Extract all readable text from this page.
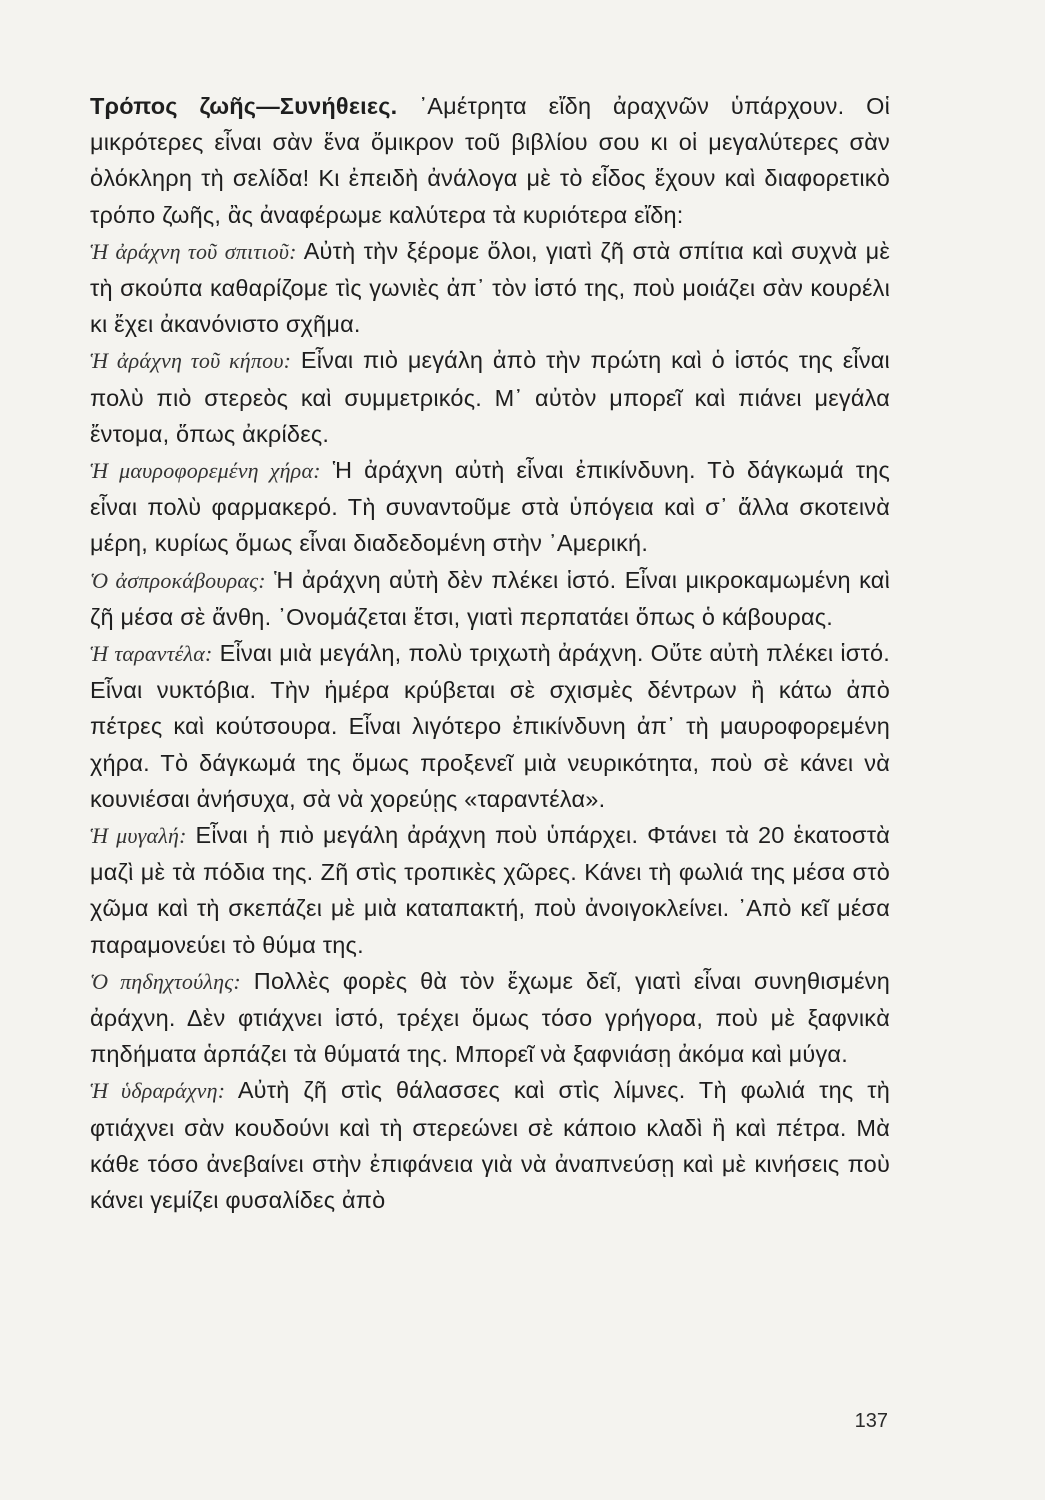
Τρόπος ζωῆς—Συνήθειες. ᾿Αμέτρητα εἴδη ἀραχνῶν ὑπάρχουν. Οἱ μικρότερες εἶναι σὰν ἕνα ὄμικρον τοῦ βιβλίου σου κι οἱ μεγαλύτερες σὰν ὁλόκληρη τὴ σελίδα! Κι ἐπειδὴ ἀνάλογα μὲ τὸ εἶδος ἔχουν καὶ διαφορετικὸ τρόπο ζωῆς, ἂς ἀναφέρωμε καλύτερα τὰ κυριότερα εἴδη:

Ἡ ἀράχνη τοῦ σπιτιοῦ: Αὐτὴ τὴν ξέρομε ὅλοι, γιατὶ ζῆ στὰ σπίτια καὶ συχνὰ μὲ τὴ σκούπα καθαρίζομε τὶς γωνιὲς ἀπ᾿ τὸν ἱστό της, ποὺ μοιάζει σὰν κουρέλι κι ἔχει ἀκανόνιστο σχῆμα.

Ἡ ἀράχνη τοῦ κήπου: Εἶναι πιὸ μεγάλη ἀπὸ τὴν πρώτη καὶ ὁ ἱστός της εἶναι πολὺ πιὸ στερεὸς καὶ συμμετρικός. Μ᾿ αὐτὸν μπορεῖ καὶ πιάνει μεγάλα ἔντομα, ὅπως ἀκρίδες.

Ἡ μαυροφορεμένη χήρα: Ἡ ἀράχνη αὐτὴ εἶναι ἐπικίνδυνη. Τὸ δάγκωμά της εἶναι πολὺ φαρμακερό. Τὴ συναντοῦμε στὰ ὑπόγεια καὶ σ᾿ ἄλλα σκοτεινὰ μέρη, κυρίως ὅμως εἶναι διαδεδομένη στὴν ᾿Αμερική.

Ὁ ἀσπροκάβουρας: Ἡ ἀράχνη αὐτὴ δὲν πλέκει ἱστό. Εἶναι μικροκαμωμένη καὶ ζῆ μέσα σὲ ἄνθη. ᾿Ονομάζεται ἔτσι, γιατὶ περπατάει ὅπως ὁ κάβουρας.

Ἡ ταραντέλα: Εἶναι μιὰ μεγάλη, πολὺ τριχωτὴ ἀράχνη. Οὔτε αὐτὴ πλέκει ἱστό. Εἶναι νυκτόβια. Τὴν ἡμέρα κρύβεται σὲ σχισμὲς δέντρων ἢ κάτω ἀπὸ πέτρες καὶ κούτσουρα. Εἶναι λιγότερο ἐπικίνδυνη ἀπ᾿ τὴ μαυροφορεμένη χήρα. Τὸ δάγκωμά της ὅμως προξενεῖ μιὰ νευρικότητα, ποὺ σὲ κάνει νὰ κουνιέσαι ἀνήσυχα, σὰ νὰ χορεύῃς «ταραντέλα».

Ἡ μυγαλή: Εἶναι ἡ πιὸ μεγάλη ἀράχνη ποὺ ὑπάρχει. Φτάνει τὰ 20 ἑκατοστὰ μαζὶ μὲ τὰ πόδια της. Ζῆ στὶς τροπικὲς χῶρες. Κάνει τὴ φωλιά της μέσα στὸ χῶμα καὶ τὴ σκεπάζει μὲ μιὰ καταπακτή, ποὺ ἀνοιγοκλείνει. ᾿Απὸ κεῖ μέσα παραμονεύει τὸ θύμα της.

Ὁ πηδηχτούλης: Πολλὲς φορὲς θὰ τὸν ἔχωμε δεῖ, γιατὶ εἶναι συνηθισμένη ἀράχνη. Δὲν φτιάχνει ἱστό, τρέχει ὅμως τόσο γρήγορα, ποὺ μὲ ξαφνικὰ πηδήματα ἁρπάζει τὰ θύματά της. Μπορεῖ νὰ ξαφνιάσῃ ἀκόμα καὶ μύγα.

Ἡ ὑδραράχνη: Αὐτὴ ζῆ στὶς θάλασσες καὶ στὶς λίμνες. Τὴ φωλιά της τὴ φτιάχνει σὰν κουδούνι καὶ τὴ στερεώνει σὲ κάποιο κλαδὶ ἢ καὶ πέτρα. Μὰ κάθε τόσο ἀνεβαίνει στὴν ἐπιφάνεια γιὰ νὰ ἀναπνεύσῃ καὶ μὲ κινήσεις ποὺ κάνει γεμίζει φυσαλίδες ἀπὸ

137
